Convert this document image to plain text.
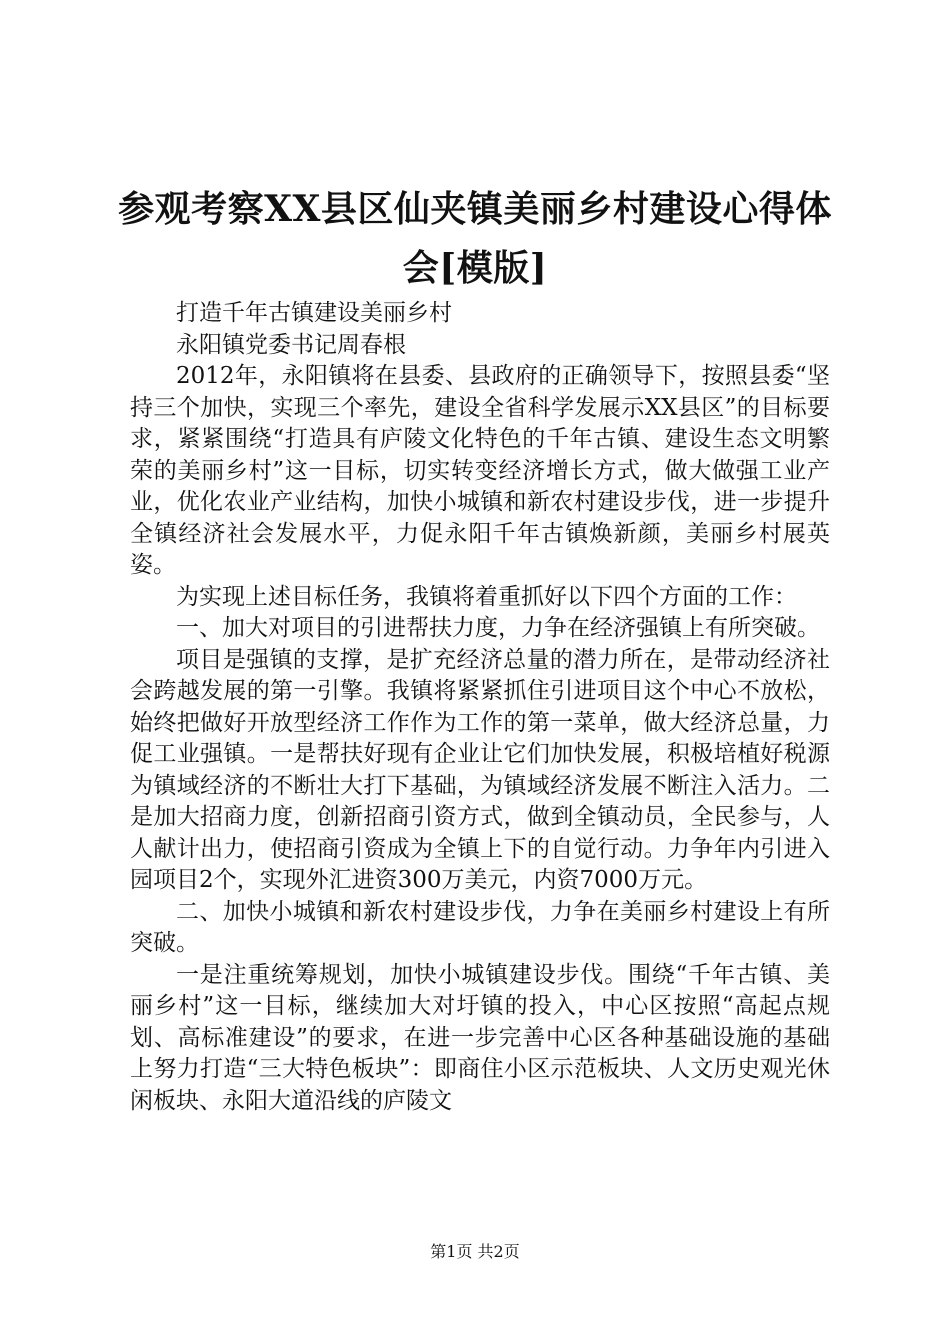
参观考察XX县区仙夹镇美丽乡村建设心得体
会[模版]

打造千年古镇建设美丽乡村

永阳镇党委书记周春根

2012年，永阳镇将在县委、县政府的正确领导下，按照县委“坚持三个加快，实现三个率先，建设全省科学发展示XX县区”的目标要求，紧紧围绕“打造具有庐陵文化特色的千年古镇、建设生态文明繁荣的美丽乡村”这一目标，切实转变经济增长方式，做大做强工业产业，优化农业产业结构，加快小城镇和新农村建设步伐，进一步提升全镇经济社会发展水平，力促永阳千年古镇焕新颜，美丽乡村展英姿。

为实现上述目标任务，我镇将着重抓好以下四个方面的工作：

一、加大对项目的引进帮扶力度，力争在经济强镇上有所突破。

项目是强镇的支撑，是扩充经济总量的潜力所在，是带动经济社会跨越发展的第一引擎。我镇将紧紧抓住引进项目这个中心不放松，始终把做好开放型经济工作作为工作的第一菜单，做大经济总量，力促工业强镇。一是帮扶好现有企业让它们加快发展，积极培植好税源为镇域经济的不断壮大打下基础，为镇域经济发展不断注入活力。二是加大招商力度，创新招商引资方式，做到全镇动员，全民参与，人人献计出力，使招商引资成为全镇上下的自觉行动。力争年内引进入园项目2个，实现外汇进资300万美元，内资7000万元。

二、加快小城镇和新农村建设步伐，力争在美丽乡村建设上有所突破。

一是注重统筹规划，加快小城镇建设步伐。围绕“千年古镇、美丽乡村”这一目标，继续加大对圩镇的投入，中心区按照“高起点规划、高标准建设”的要求，在进一步完善中心区各种基础设施的基础上努力打造“三大特色板块”：即商住小区示范板块、人文历史观光休闲板块、永阳大道沿线的庐陵文

第1页 共2页
